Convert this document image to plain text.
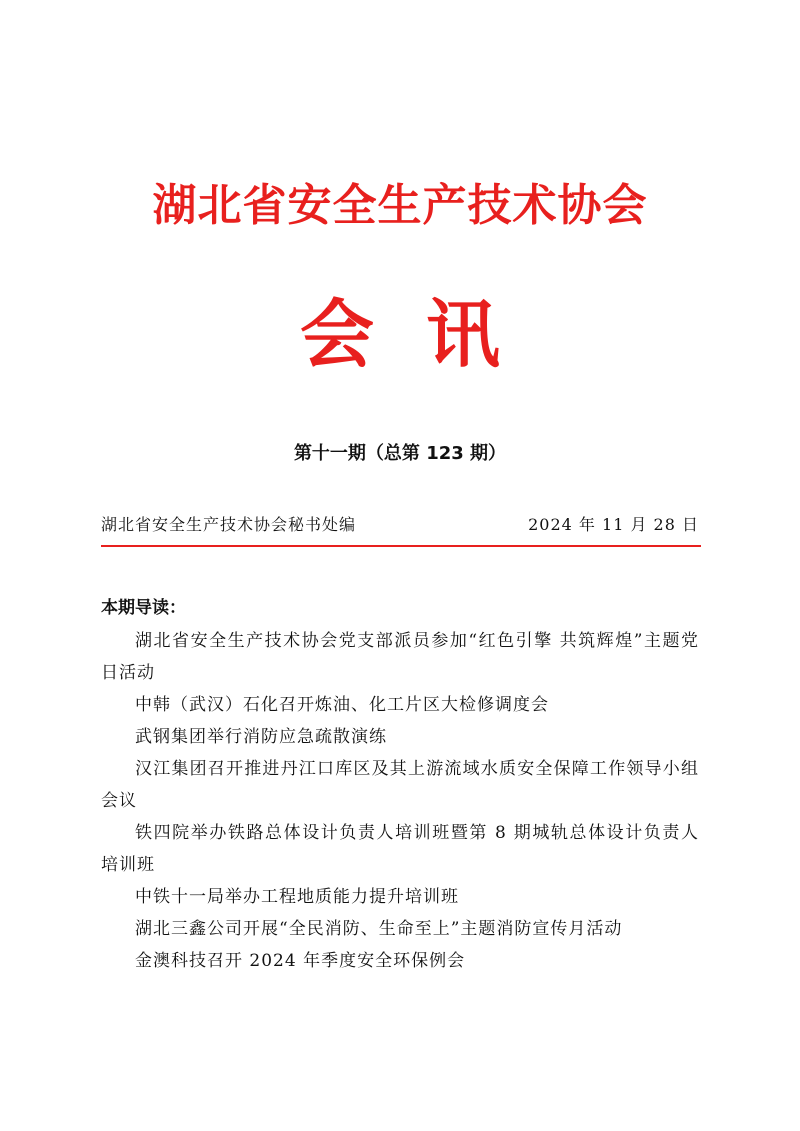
湖北省安全生产技术协会
会讯
第十一期（总第 123 期）
湖北省安全生产技术协会秘书处编	2024 年 11 月 28 日
本期导读：
湖北省安全生产技术协会党支部派员参加“红色引擎 共筑辉煌”主题党日活动
中韩（武汉）石化召开炼油、化工片区大检修调度会
武钢集团举行消防应急疏散演练
汉江集团召开推进丹江口库区及其上游流域水质安全保障工作领导小组会议
铁四院举办铁路总体设计负责人培训班暨第 8 期城轨总体设计负责人培训班
中铁十一局举办工程地质能力提升培训班
湖北三鑫公司开展“全民消防、生命至上”主题消防宣传月活动
金澳科技召开 2024 年季度安全环保例会
